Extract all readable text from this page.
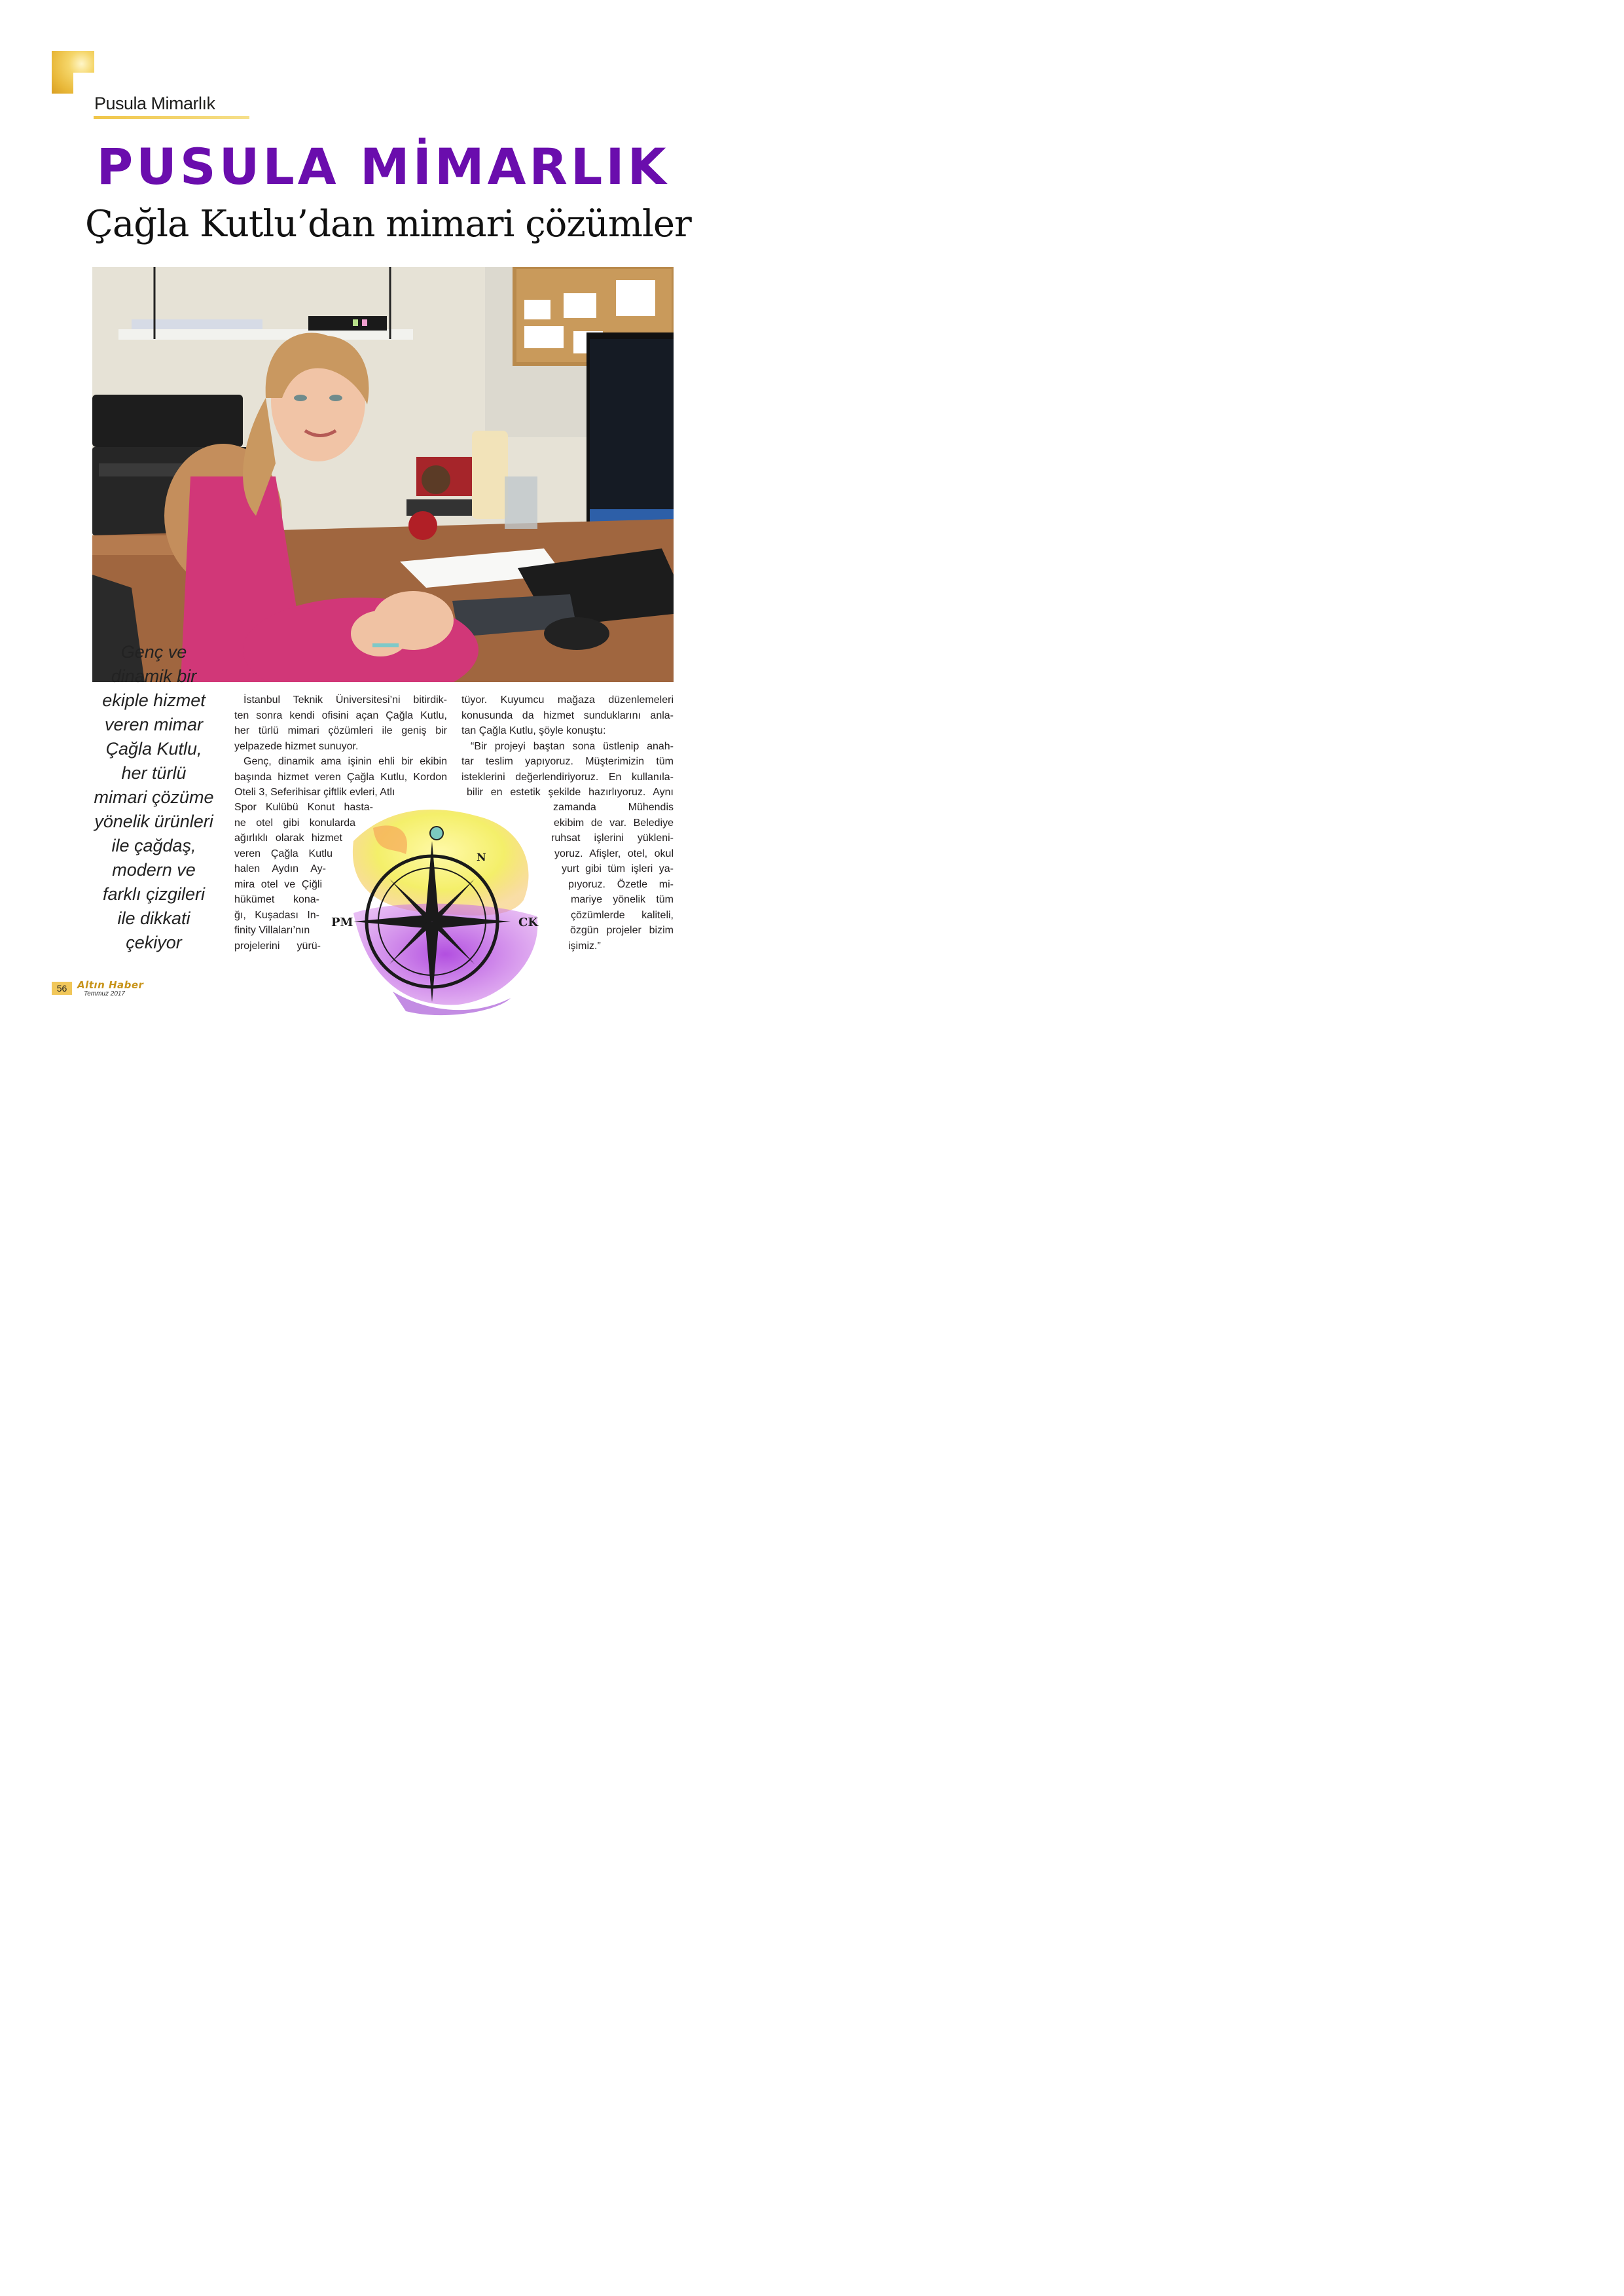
Pusula Mimarlık
PUSULA MİMARLIK
Çağla Kutlu’dan mimari çözümler
Genç ve
dinamik bir
ekiple hizmet
veren mimar
Çağla Kutlu,
her türlü
mimari çözüme
yönelik ürünleri
ile çağdaş,
modern ve
farklı çizgileri
ile dikkati
çekiyor

İstanbul Teknik Üniversitesi’ni bitirdik-

ten sonra kendi ofisini açan Çağla Kutlu,

her türlü mimari çözümleri ile geniş bir

yelpazede hizmet sunuyor.

Genç, dinamik ama işinin ehli bir ekibin

başında hizmet veren Çağla Kutlu, Kordon

Oteli 3, Seferihisar çiftlik evleri, Atlı

Spor Kulübü Konut hasta-

ne otel gibi konularda

ağırlıklı olarak hizmet

veren Çağla Kutlu

halen Aydın Ay-

mira otel ve Çiğli

hükümet kona-

ğı, Kuşadası In-

finity Villaları’nın

projelerini yürü-

tüyor. Kuyumcu mağaza düzenlemeleri

konusunda da hizmet sunduklarını anla-

tan Çağla Kutlu, şöyle konuştu:

“Bir projeyi baştan sona üstlenip anah-

tar teslim yapıyoruz. Müşterimizin tüm

isteklerini değerlendiriyoruz. En kullanıla-

bilir en estetik şekilde hazırlıyoruz. Aynı

zamanda Mühendis

ekibim de var. Belediye

ruhsat işlerini yükleni-

yoruz. Afişler, otel, okul

yurt gibi tüm işleri ya-

pıyoruz. Özetle mi-

mariye yönelik tüm

çözümlerde kaliteli,

özgün projeler bizim

işimiz.”

N
PM	CK
56	Altın Haber
Temmuz 2017
